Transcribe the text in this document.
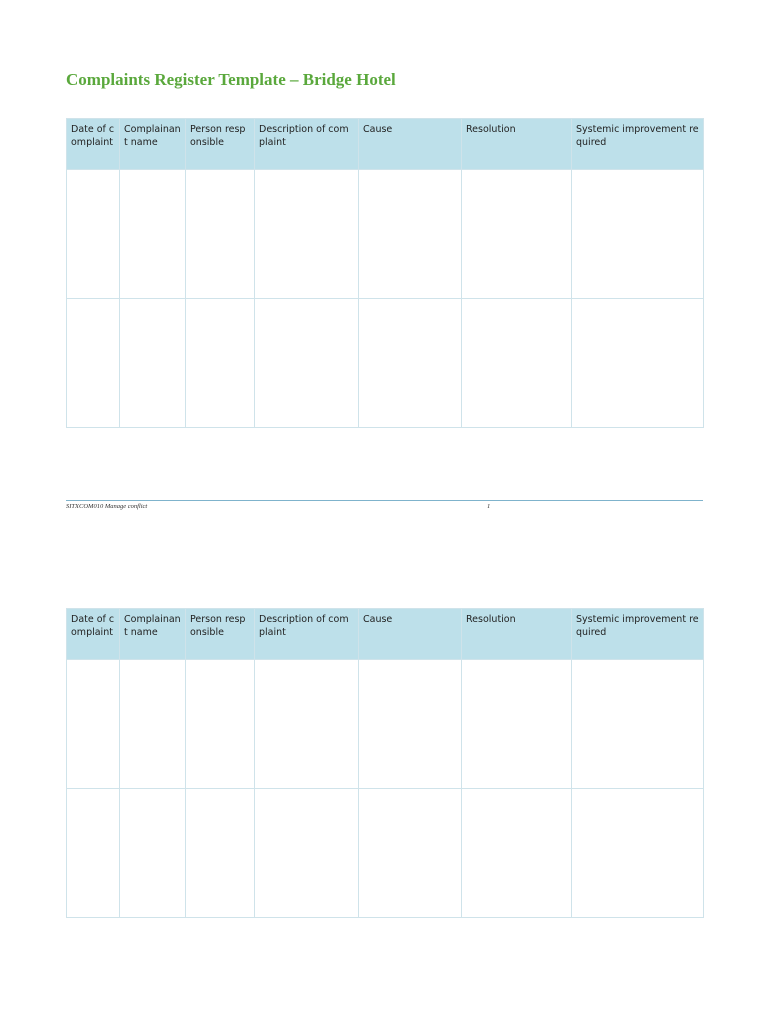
Complaints Register Template – Bridge Hotel
Date of complaint	Complainant name	Person responsible	Description of complaint	Cause	Resolution	Systemic improvement required

SITXCOM010 Manage conflict	1
Date of complaint	Complainant name	Person responsible	Description of complaint	Cause	Resolution	Systemic improvement required
